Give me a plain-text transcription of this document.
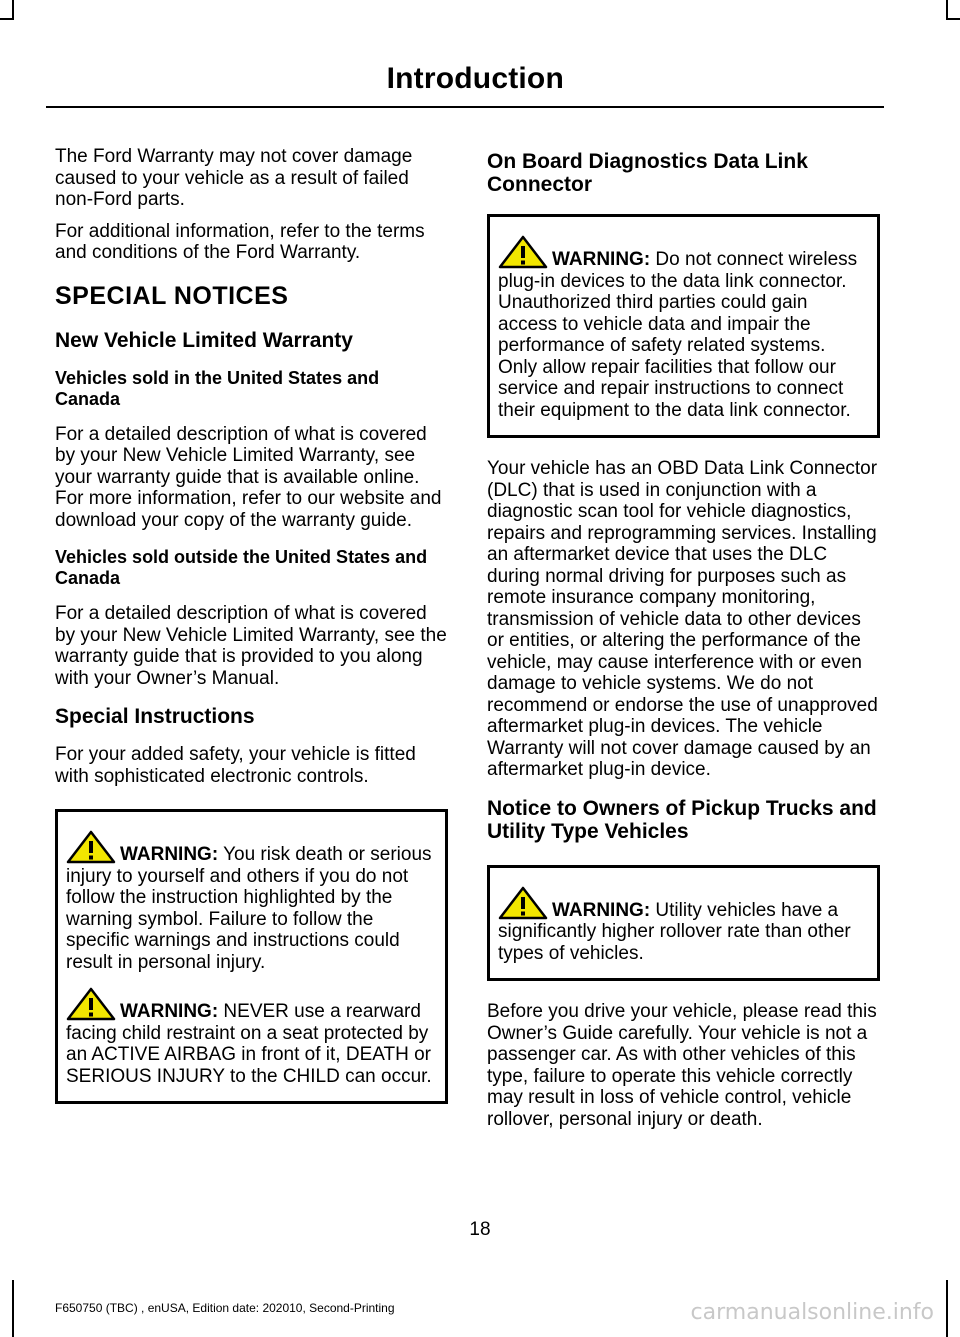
Introduction

The Ford Warranty may not cover damage caused to your vehicle as a result of failed non-Ford parts.

For additional information, refer to the terms and conditions of the Ford Warranty.

SPECIAL NOTICES
New Vehicle Limited Warranty
Vehicles sold in the United States and Canada

For a detailed description of what is covered by your New Vehicle Limited Warranty, see your warranty guide that is available online. For more information, refer to our website and download your copy of the warranty guide.

Vehicles sold outside the United States and Canada

For a detailed description of what is covered by your New Vehicle Limited Warranty, see the warranty guide that is provided to you along with your Owner’s Manual.

Special Instructions

For your added safety, your vehicle is fitted with sophisticated electronic controls.

WARNING: You risk death or serious injury to yourself and others if you do not follow the instruction highlighted by the warning symbol. Failure to follow the specific warnings and instructions could result in personal injury.
WARNING: NEVER use a rearward facing child restraint on a seat protected by an ACTIVE AIRBAG in front of it, DEATH or SERIOUS INJURY to the CHILD can occur.
On Board Diagnostics Data Link Connector
WARNING: Do not connect wireless plug-in devices to the data link connector. Unauthorized third parties could gain access to vehicle data and impair the performance of safety related systems. Only allow repair facilities that follow our service and repair instructions to connect their equipment to the data link connector.

Your vehicle has an OBD Data Link Connector (DLC) that is used in conjunction with a diagnostic scan tool for vehicle diagnostics, repairs and reprogramming services. Installing an aftermarket device that uses the DLC during normal driving for purposes such as remote insurance company monitoring, transmission of vehicle data to other devices or entities, or altering the performance of the vehicle, may cause interference with or even damage to vehicle systems. We do not recommend or endorse the use of unapproved aftermarket plug-in devices. The vehicle Warranty will not cover damage caused by an aftermarket plug-in device.

Notice to Owners of Pickup Trucks and Utility Type Vehicles
WARNING: Utility vehicles have a significantly higher rollover rate than other types of vehicles.

Before you drive your vehicle, please read this Owner’s Guide carefully. Your vehicle is not a passenger car. As with other vehicles of this type, failure to operate this vehicle correctly may result in loss of vehicle control, vehicle rollover, personal injury or death.

18
F650750 (TBC) , enUSA, Edition date: 202010, Second-Printing	carmanualsonline.info
